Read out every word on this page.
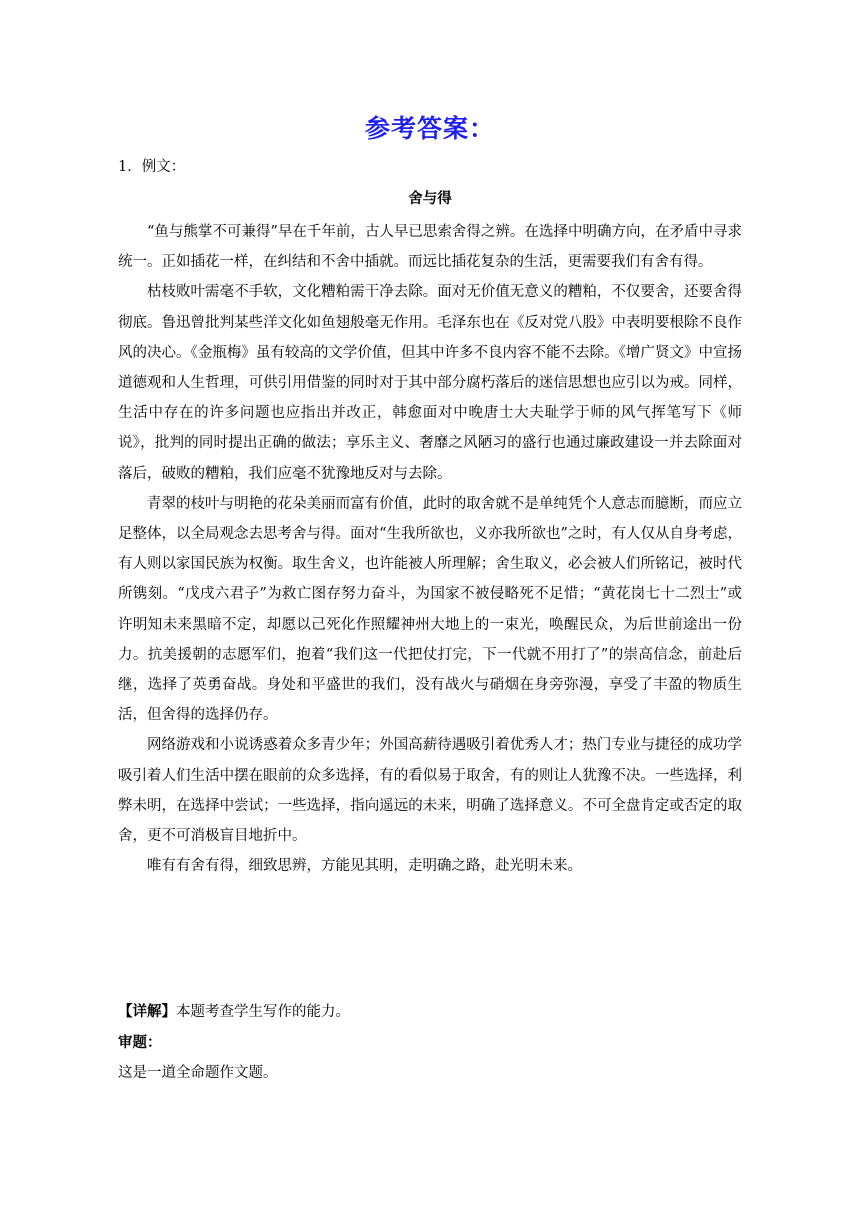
参考答案：
1．例文：
舍与得

“鱼与熊掌不可兼得”早在千年前，古人早已思索舍得之辨。在选择中明确方向，在矛盾中寻求统一。正如插花一样，在纠结和不舍中插就。而远比插花复杂的生活，更需要我们有舍有得。

枯枝败叶需毫不手软，文化糟粕需干净去除。面对无价值无意义的糟粕，不仅要舍，还要舍得彻底。鲁迅曾批判某些洋文化如鱼翅般毫无作用。毛泽东也在《反对党八股》中表明要根除不良作风的决心。《金瓶梅》虽有较高的文学价值，但其中许多不良内容不能不去除。《增广贤文》中宣扬道德观和人生哲理，可供引用借鉴的同时对于其中部分腐朽落后的迷信思想也应引以为戒。同样，生活中存在的许多问题也应指出并改正，韩愈面对中晚唐士大夫耻学于师的风气挥笔写下《师说》，批判的同时提出正确的做法；享乐主义、奢靡之风陋习的盛行也通过廉政建设一并去除面对落后，破败的糟粕，我们应毫不犹豫地反对与去除。

青翠的枝叶与明艳的花朵美丽而富有价值，此时的取舍就不是单纯凭个人意志而臆断，而应立足整体，以全局观念去思考舍与得。面对“生我所欲也，义亦我所欲也”之时，有人仅从自身考虑，有人则以家国民族为权衡。取生舍义，也许能被人所理解；舍生取义，必会被人们所铭记，被时代所镌刻。“戊戌六君子”为救亡图存努力奋斗，为国家不被侵略死不足惜；“黄花岗七十二烈士”或许明知未来黑暗不定，却愿以己死化作照耀神州大地上的一束光，唤醒民众，为后世前途出一份力。抗美援朝的志愿军们，抱着“我们这一代把仗打完，下一代就不用打了”的崇高信念，前赴后继，选择了英勇奋战。身处和平盛世的我们，没有战火与硝烟在身旁弥漫，享受了丰盈的物质生活，但舍得的选择仍存。

网络游戏和小说诱惑着众多青少年；外国高薪待遇吸引着优秀人才；热门专业与捷径的成功学吸引着人们生活中摆在眼前的众多选择，有的看似易于取舍，有的则让人犹豫不决。一些选择，利弊未明，在选择中尝试；一些选择，指向遥远的未来，明确了选择意义。不可全盘肯定或否定的取舍，更不可消极盲目地折中。

唯有有舍有得，细致思辨，方能见其明，走明确之路，赴光明未来。

【详解】本题考查学生写作的能力。

审题：

这是一道全命题作文题。
